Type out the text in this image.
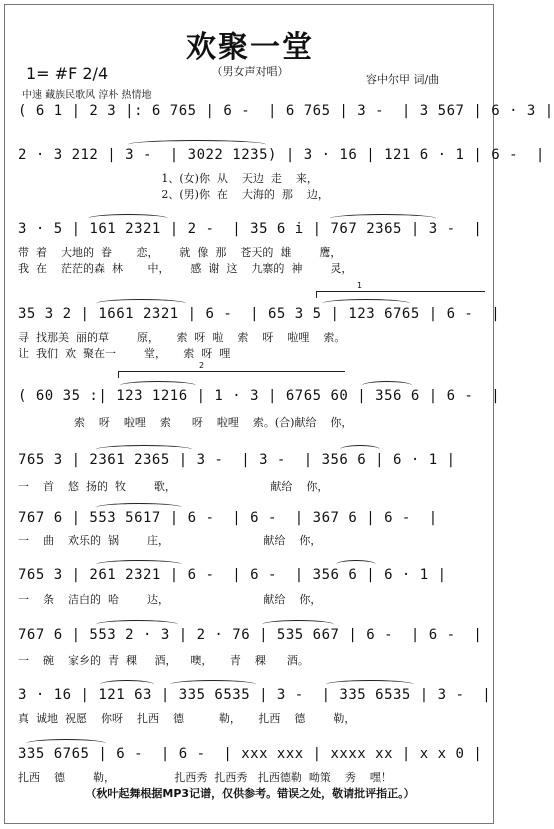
欢聚一堂
（男女声对唱）
1= #F 2/4
中速 藏族民歌风 淳朴 热情地
容中尔甲 词/曲
( 6 1 | 2 3 |: 6 765 | 6 -  | 6 765 | 3 -  | 3 567 | 6 · 3 |
2 · 3 212 | 3 -  | 3022 1235) | 3 · 16 | 121 6 · 1 | 6 -  |
1、(女)你  从    天边  走    来，
2、(男)你  在    大海的  那    边，
3 · 5 | 161 2321 | 2 -  | 35 6 i | 767 2365 | 3 -  |
带  着    大地的  眷       恋，      就  像  那    苍天的  雄        鹰，
我  在    茫茫的森  林       中，      感  谢  这    九寨的  神        灵，
1
35 3 2 | 1661 2321 | 6 -  | 65 3 5 | 123 6765 | 6 -  |
寻  找那美  丽的草        原，     索  呀  啦    索    呀    啦哩    索。
让  我们  欢  聚在一        堂，     索  呀  哩
2
( 60 35 :| 123 1216 | 1 · 3 | 6765 60 | 356 6 | 6 -  |
索    呀    啦哩    索      呀    啦哩    索。(合)献给    你，
765 3 | 2361 2365 | 3 -  | 3 -  | 356 6 | 6 · 1 |
一    首    悠  扬的  牧        歌，                           献给    你，
767 6 | 553 5617 | 6 -  | 6 -  | 367 6 | 6 -  |
一    曲    欢乐的  锅        庄，                           献给    你，
765 3 | 261 2321 | 6 -  | 6 -  | 356 6 | 6 · 1 |
一    条    洁白的  哈        达，                           献给    你，
767 6 | 553 2 · 3 | 2 · 76 | 535 667 | 6 -  | 6 -  |
一    碗    家乡的  青  稞     酒，    噢，     青    稞      酒。
3 · 16 | 121 63 | 335 6535 | 3 -  | 335 6535 | 3 -  |
真  诚地  祝愿    你呀    扎西    德          勒，     扎西    德        勒，
335 6765 | 6 -  | 6 -  | xxx xxx | xxxx xx | x x 0 |
扎西    德        勒，                 扎西秀  扎西秀   扎西德勒  呦策    秀    嘿！
（秋叶起舞根据MP3记谱，仅供参考。错误之处，敬请批评指正。）
